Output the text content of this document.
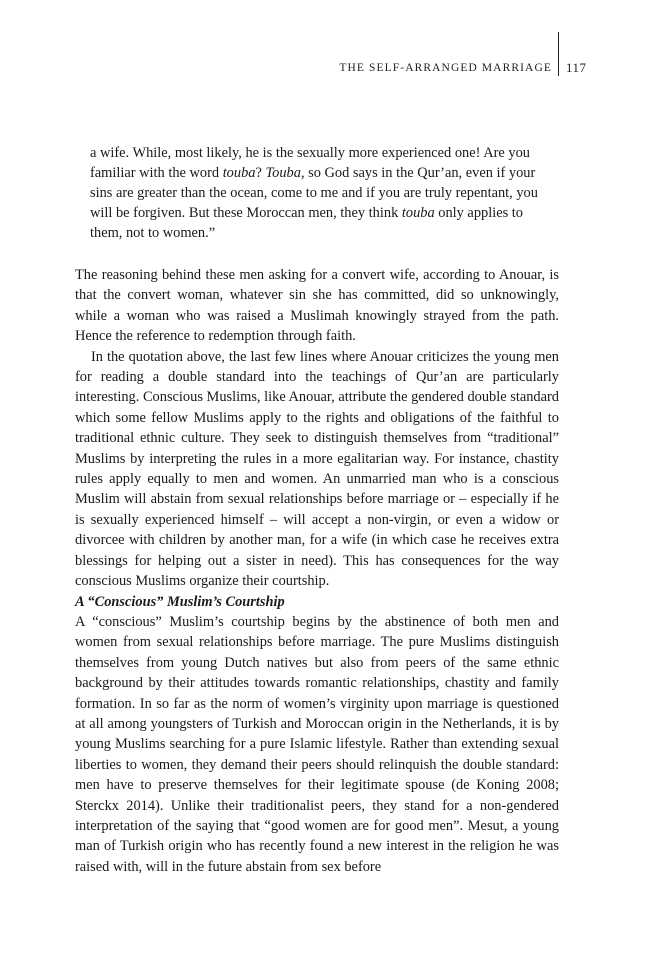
THE SELF-ARRANGED MARRIAGE 117

a wife. While, most likely, he is the sexually more experienced one! Are you familiar with the word touba? Touba, so God says in the Qur’an, even if your sins are greater than the ocean, come to me and if you are truly repentant, you will be forgiven. But these Moroccan men, they think touba only applies to them, not to women.”

The reasoning behind these men asking for a convert wife, according to Anouar, is that the convert woman, whatever sin she has committed, did so unknowingly, while a woman who was raised a Muslimah knowingly strayed from the path. Hence the reference to redemption through faith.

In the quotation above, the last few lines where Anouar criticizes the young men for reading a double standard into the teachings of Qur’an are particularly interesting. Conscious Muslims, like Anouar, attribute the gendered double standard which some fellow Muslims apply to the rights and obligations of the faithful to traditional ethnic culture. They seek to distinguish themselves from “traditional” Muslims by interpreting the rules in a more egalitarian way. For instance, chastity rules apply equally to men and women. An unmarried man who is a conscious Muslim will abstain from sexual relationships before marriage or – especially if he is sexually experienced himself – will accept a non-virgin, or even a widow or divorcee with children by another man, for a wife (in which case he receives extra blessings for helping out a sister in need). This has consequences for the way conscious Muslims organize their courtship.

A “Conscious” Muslim’s Courtship

A “conscious” Muslim’s courtship begins by the abstinence of both men and women from sexual relationships before marriage. The pure Muslims distinguish themselves from young Dutch natives but also from peers of the same ethnic background by their attitudes towards romantic relationships, chastity and family formation. In so far as the norm of women’s virginity upon marriage is questioned at all among youngsters of Turkish and Moroccan origin in the Netherlands, it is by young Muslims searching for a pure Islamic lifestyle. Rather than extending sexual liberties to women, they demand their peers should relinquish the double standard: men have to preserve themselves for their legitimate spouse (de Koning 2008; Sterckx 2014). Unlike their traditionalist peers, they stand for a non-gendered interpretation of the saying that “good women are for good men”. Mesut, a young man of Turkish origin who has recently found a new interest in the religion he was raised with, will in the future abstain from sex before
